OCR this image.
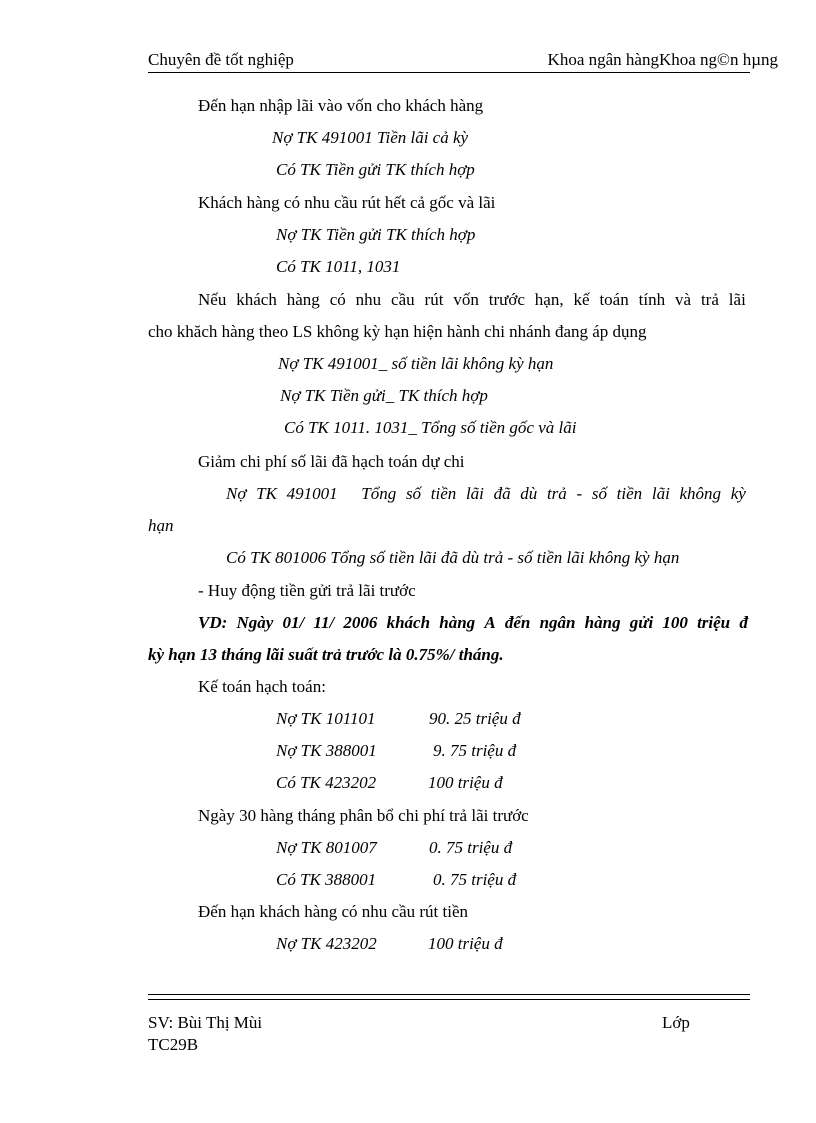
Chuyên đề tốt nghiệp	Khoa ngân hàngKhoa ng©n hµng
Đến hạn nhập lãi vào vốn cho khách hàng
Nợ TK 491001 Tiền lãi cả kỳ
Có TK Tiền gửi TK thích hợp
Khách hàng có nhu cầu rút hết cả gốc và lãi
Nợ TK Tiền gửi TK thích hợp
Có TK 1011, 1031
Nếu khách hàng có nhu cầu rút vốn trước hạn, kế toán tính và trả lãi
cho khăch hàng theo LS không kỳ hạn hiện hành chi nhánh đang áp dụng
Nợ TK 491001_ số tiền lãi không kỳ hạn
Nợ TK Tiền gửi_ TK thích hợp
Có TK 1011. 1031_ Tổng số tiền gốc và lãi
Giảm chi phí số lãi đã hạch toán dự chi
Nợ TK 491001 Tổng số tiền lãi đã dù trả - số tiền lãi không kỳ
hạn
Có TK 801006 Tổng số tiền lãi đã dù trả - số tiền lãi không kỳ hạn
- Huy động tiền gửi trả lãi trước
VD: Ngày 01/ 11/ 2006 khách hàng A đến ngân hàng gửi 100 triệu đ
kỳ hạn 13 tháng lãi suất trả trước là 0.75%/ tháng.
Kế toán hạch toán:
Nợ TK 101101	90. 25 triệu đ
Nợ TK 388001	9. 75 triệu đ
Có TK 423202	100 triệu đ
Ngày 30 hàng tháng phân bổ chi phí trả lãi trước
Nợ TK 801007	0. 75 triệu đ
Có TK 388001	0. 75 triệu đ
Đến hạn khách hàng có nhu cầu rút tiền
Nợ TK 423202	100 triệu đ
SV: Bùi Thị Mùi	Lớp
TC29B
